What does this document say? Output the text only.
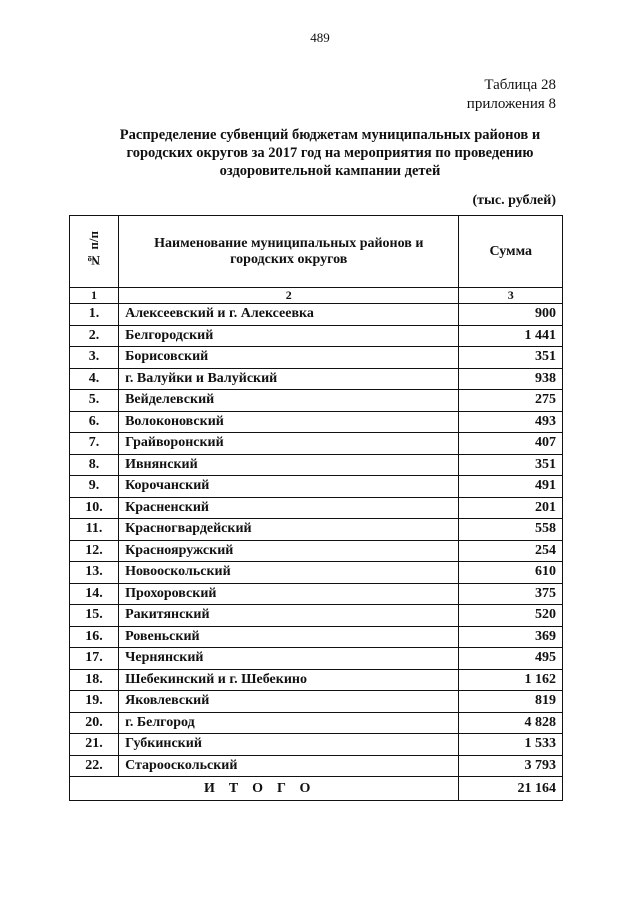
489
Таблица 28
приложения 8
Распределение субвенций бюджетам муниципальных районов и
городских округов за 2017 год на мероприятия по проведению
оздоровительной кампании детей
(тыс. рублей)
№ п/п	Наименование муниципальных районов и городских округов	Сумма
1	2	3
1.	Алексеевский и г. Алексеевка	900
2.	Белгородский	1 441
3.	Борисовский	351
4.	г. Валуйки и Валуйский	938
5.	Вейделевский	275
6.	Волоконовский	493
7.	Грайворонский	407
8.	Ивнянский	351
9.	Корочанский	491
10.	Красненский	201
11.	Красногвардейский	558
12.	Краснояружский	254
13.	Новооскольский	610
14.	Прохоровский	375
15.	Ракитянский	520
16.	Ровеньский	369
17.	Чернянский	495
18.	Шебекинский и г. Шебекино	1 162
19.	Яковлевский	819
20.	г. Белгород	4 828
21.	Губкинский	1 533
22.	Старооскольский	3 793
ИТОГО		21 164
